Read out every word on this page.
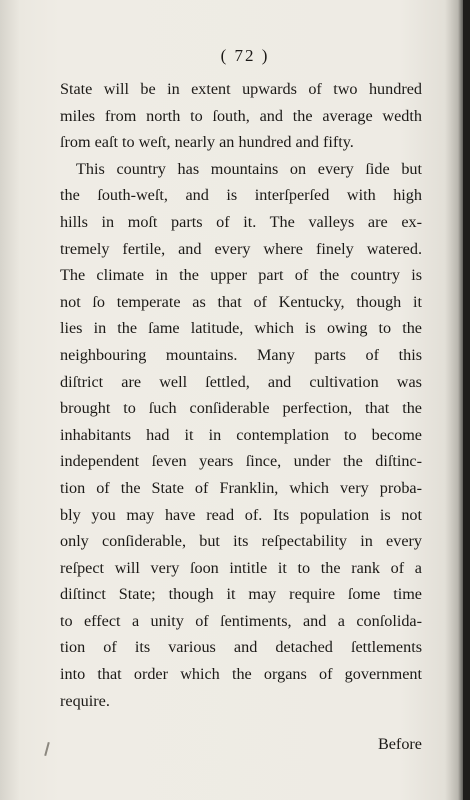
( 72 )
State will be in extent upwards of two hundred
miles from north to ſouth, and the average wedth
ſrom eaſt to weſt, nearly an hundred and fifty.
This country has mountains on every ſide but
the ſouth-weſt, and is interſperſed with high
hills in moſt parts of it. The valleys are ex-
tremely fertile, and every where finely watered.
The climate in the upper part of the country is
not ſo temperate as that of Kentucky, though it
lies in the ſame latitude, which is owing to the
neighbouring mountains. Many parts of this
diſtrict are well ſettled, and cultivation was
brought to ſuch conſiderable perfection, that the
inhabitants had it in contemplation to become
independent ſeven years ſince, under the diſtinc-
tion of the State of Franklin, which very proba-
bly you may have read of. Its population is not
only conſiderable, but its reſpectability in every
reſpect will very ſoon intitle it to the rank of a
diſtinct State; though it may require ſome time
to effect a unity of ſentiments, and a conſolida-
tion of its various and detached ſettlements
into that order which the organs of government
require.
Before
